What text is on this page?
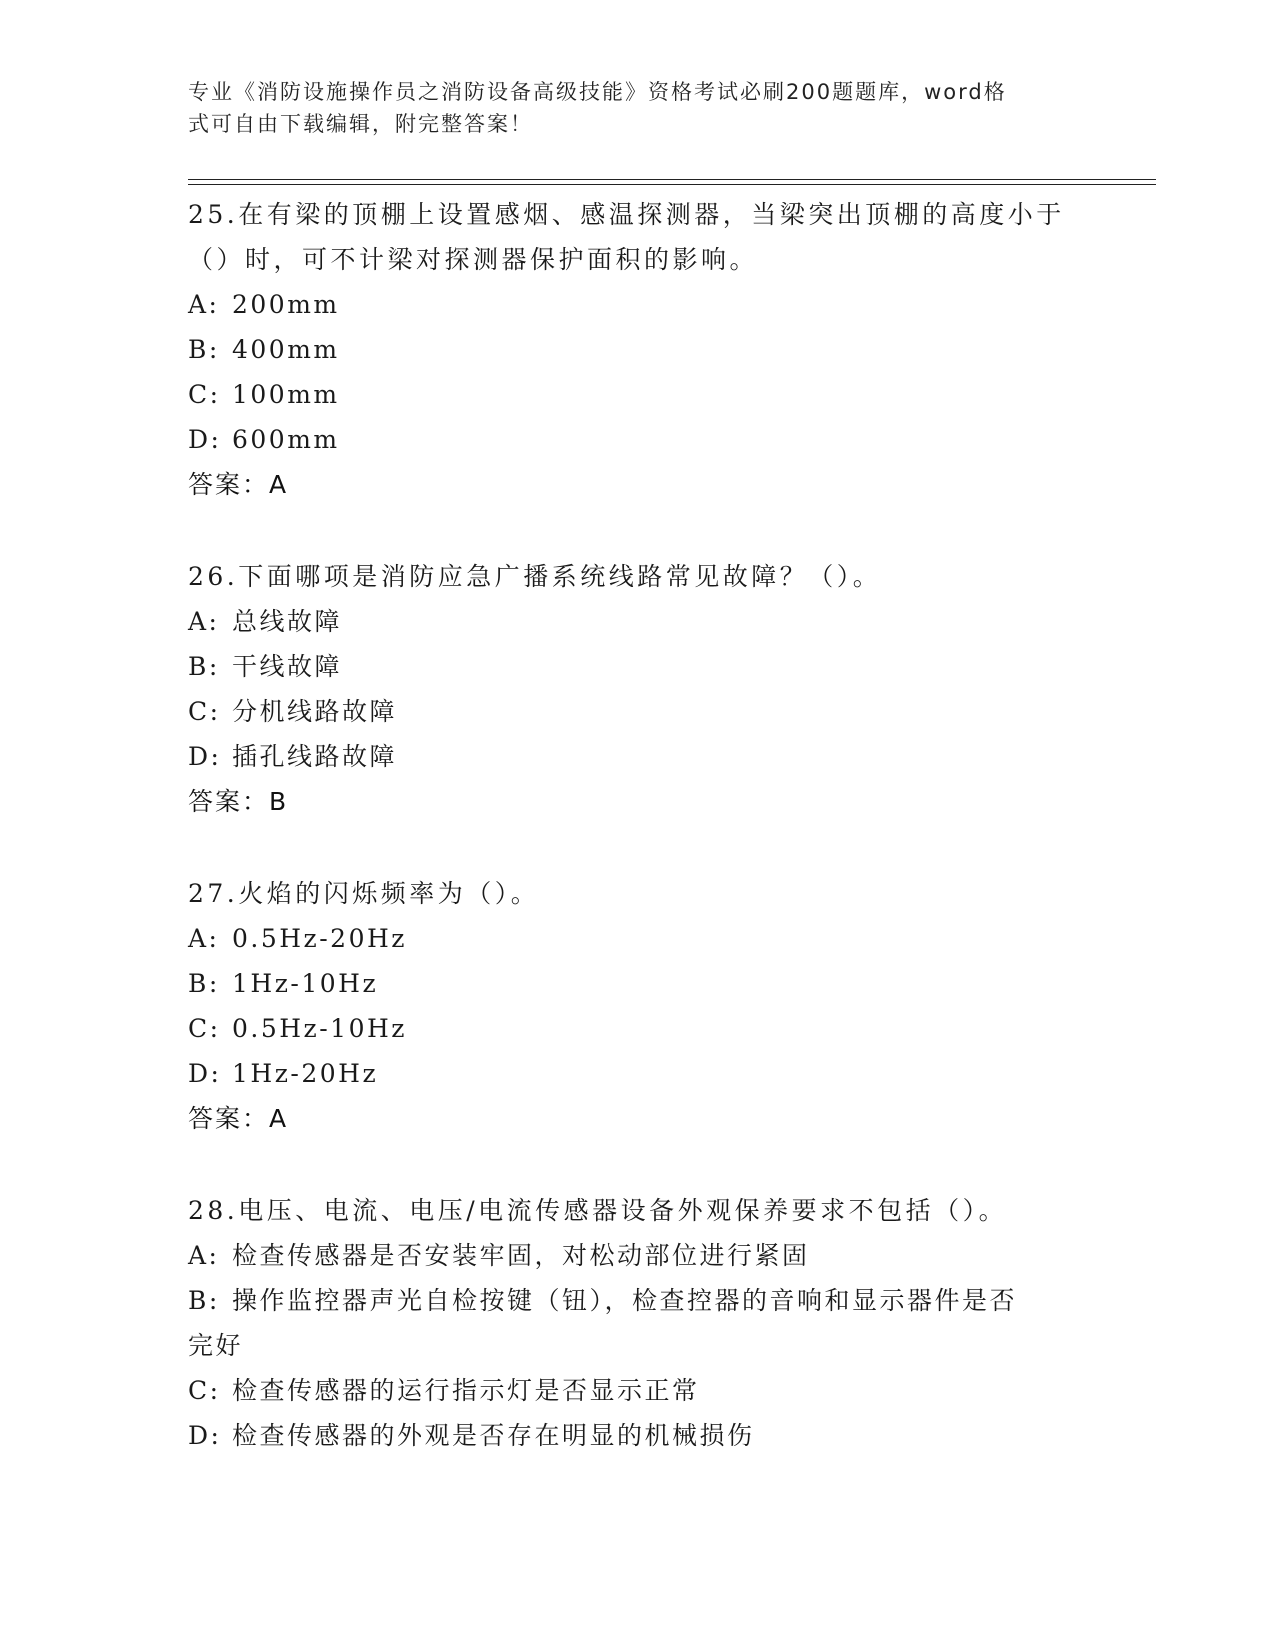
专业《消防设施操作员之消防设备高级技能》资格考试必刷200题题库，word格
式可自由下载编辑，附完整答案！
25.在有梁的顶棚上设置感烟、感温探测器，当梁突出顶棚的高度小于
（）时，可不计梁对探测器保护面积的影响。
A: 200mm
B: 400mm
C: 100mm
D: 600mm
答案：A
26.下面哪项是消防应急广播系统线路常见故障？（）。
A: 总线故障
B: 干线故障
C: 分机线路故障
D: 插孔线路故障
答案：B
27.火焰的闪烁频率为（）。
A: 0.5Hz-20Hz
B: 1Hz-10Hz
C: 0.5Hz-10Hz
D: 1Hz-20Hz
答案：A
28.电压、电流、电压/电流传感器设备外观保养要求不包括（）。
A: 检查传感器是否安装牢固，对松动部位进行紧固
B: 操作监控器声光自检按键（钮），检查控器的音响和显示器件是否
完好
C: 检查传感器的运行指示灯是否显示正常
D: 检查传感器的外观是否存在明显的机械损伤
